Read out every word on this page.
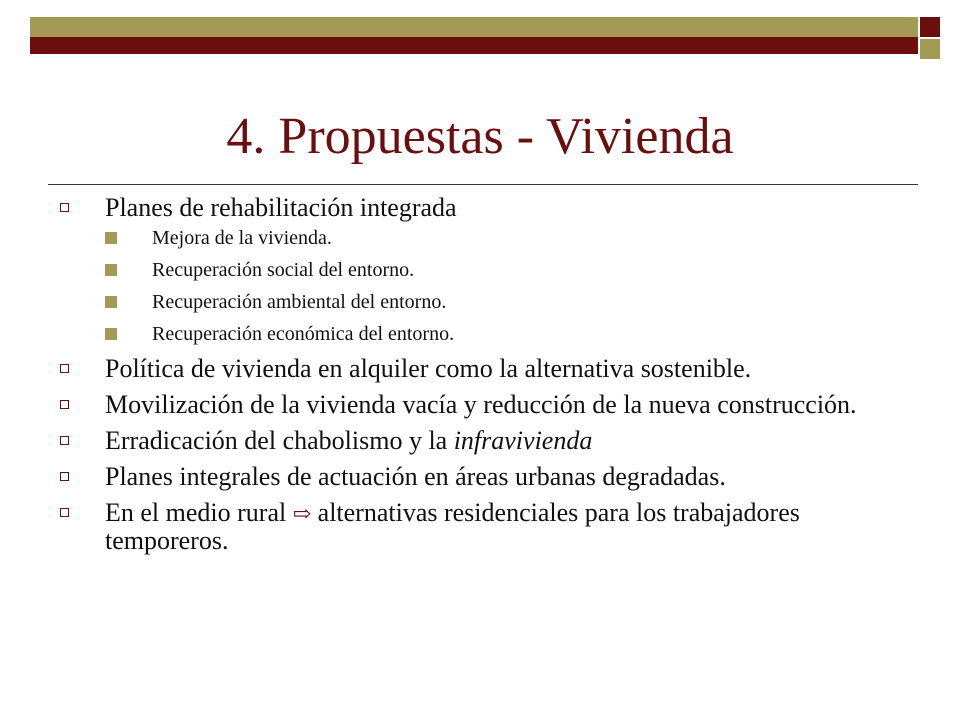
4. Propuestas - Vivienda
Planes de rehabilitación integrada
Mejora de la vivienda.
Recuperación social del entorno.
Recuperación ambiental del entorno.
Recuperación económica del entorno.
Política de vivienda en alquiler como la alternativa sostenible.
Movilización de la vivienda vacía y reducción de la nueva construcción.
Erradicación del chabolismo y la infravivienda
Planes integrales de actuación en áreas urbanas degradadas.
En el medio rural ⇨ alternativas residenciales para los trabajadores temporeros.
